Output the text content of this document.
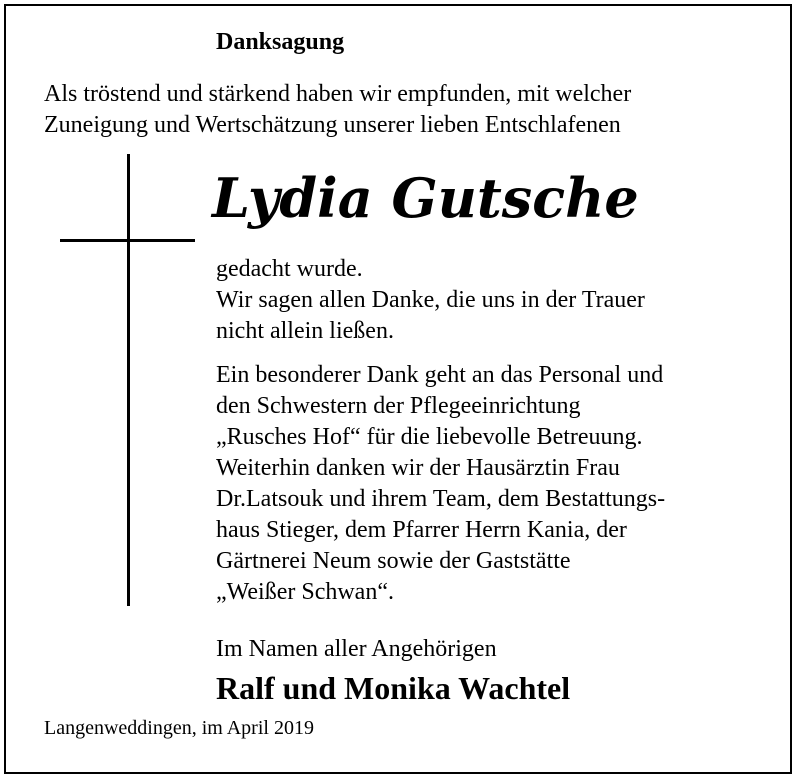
Danksagung
Als tröstend und stärkend haben wir empfunden, mit welcher
Zuneigung und Wertschätzung unserer lieben Entschlafenen
Lydia Gutsche
gedacht wurde.
Wir sagen allen Danke, die uns in der Trauer
nicht allein ließen.
Ein besonderer Dank geht an das Personal und
den Schwestern der Pflegeeinrichtung
„Rusches Hof“ für die liebevolle Betreuung.
Weiterhin danken wir der Hausärztin Frau
Dr.Latsouk und ihrem Team, dem Bestattungs-
haus Stieger, dem Pfarrer Herrn Kania, der
Gärtnerei Neum sowie der Gaststätte
„Weißer Schwan“.
Im Namen aller Angehörigen
Ralf und Monika Wachtel
Langenweddingen, im April 2019
